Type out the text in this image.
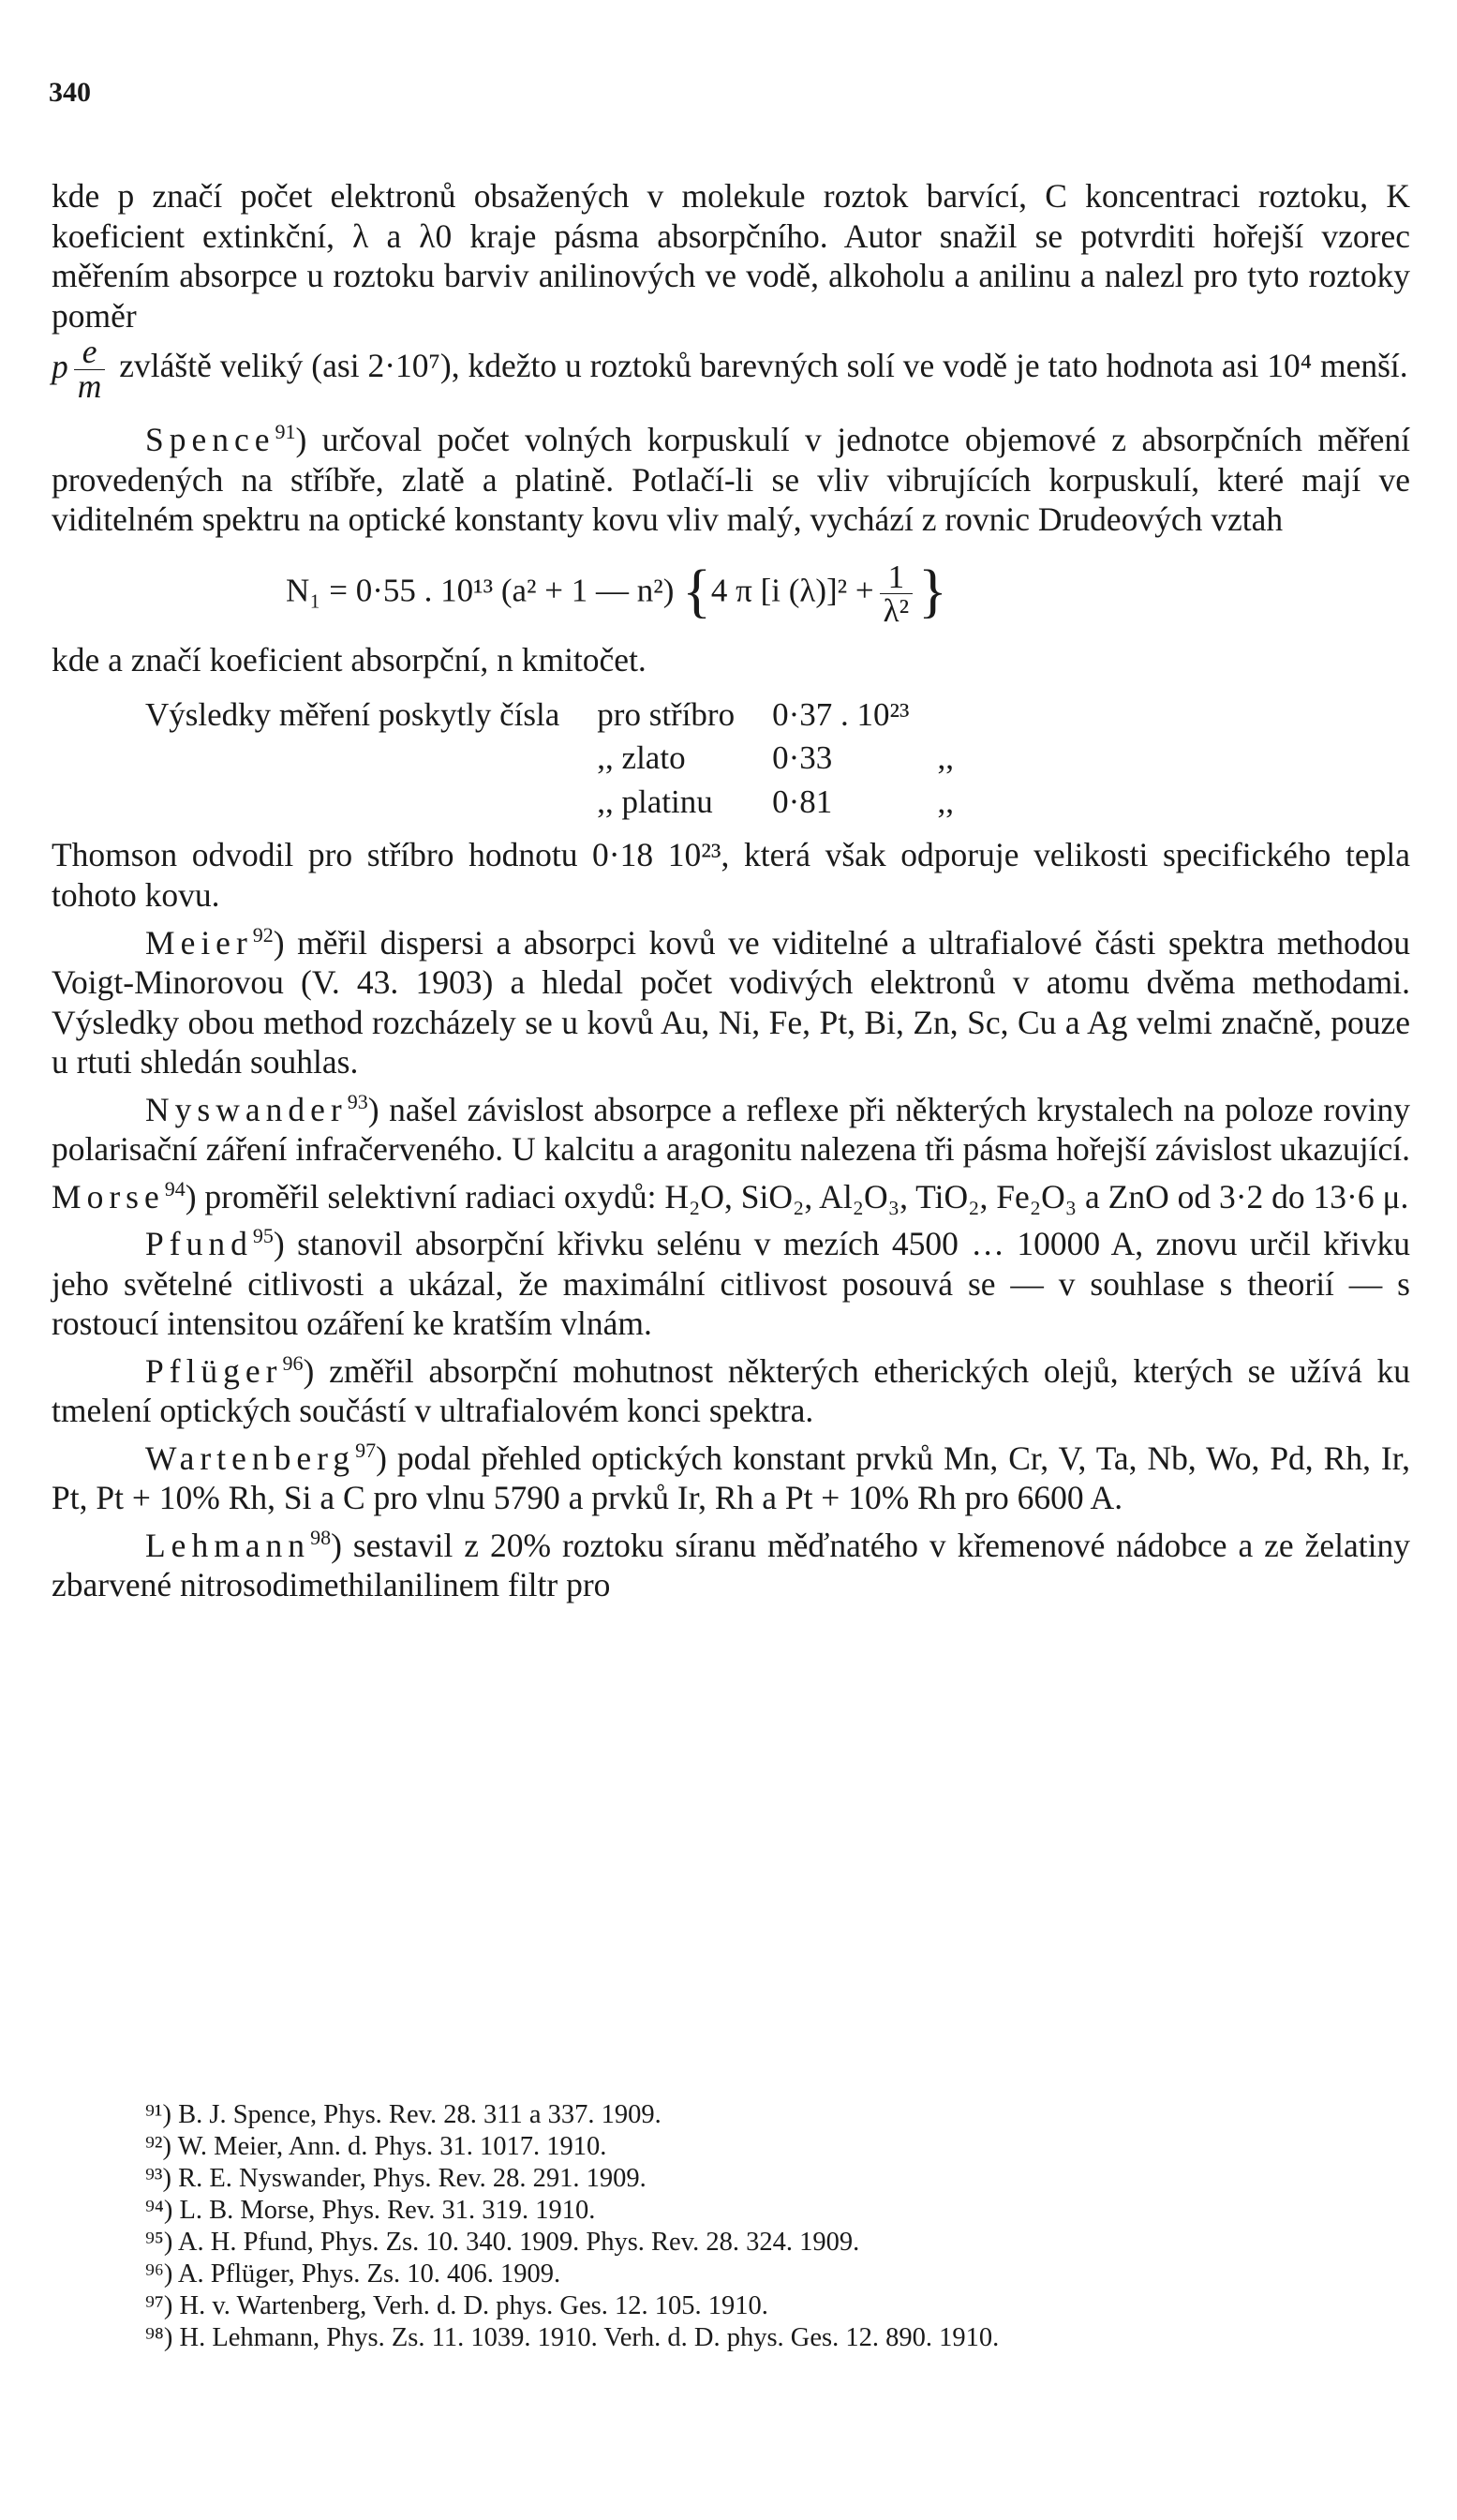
340

kde p značí počet elektronů obsažených v molekule roztok barvící, C koncentraci roztoku, K koeficient extinkční, λ a λ0 kraje pásma absorpčního. Autor snažil se potvrditi hořejší vzorec měřením absorpce u roztoku barviv anilinových ve vodě, alkoholu a anilinu a nalezl pro tyto roztoky poměr

p $\frac{e}{m}$ zvláště veliký (asi 2·10⁷), kdežto u roztoků barevných solí ve vodě je tato hodnota asi 10⁴ menší.

Spence$^{91}$) určoval počet volných korpuskulí v jednotce objemové z absorpčních měření provedených na stříbře, zlatě a platině. Potlačí-li se vliv vibrujících korpuskulí, které mají ve viditelném spektru na optické konstanty kovu vliv malý, vychází z rovnic Drudeových vztah

N₁ = 0·55 . 10¹³ (a² + 1 — n²) {4 π [i $(\lambda)]^2 + \frac{1}{\text{λ²}}$ }

kde a značí koeficient absorpční, n kmitočet.

Výsledky měření poskytly čísla	pro stříbro	0·37 . 10²³	
	,, zlato	0·33	,,
	,, platinu	0·81	,,

Thomson odvodil pro stříbro hodnotu 0·18 10²³, která však odporuje velikosti specifického tepla tohoto kovu.

Meier$^{92}$) měřil dispersi a absorpci kovů ve viditelné a ultrafialové části spektra methodou Voigt-Minorovou (V. 43. 1903) a hledal počet vodivých elektronů v atomu dvěma methodami. Výsledky obou method rozcházely se u kovů Au, Ni, Fe, Pt, Bi, Zn, Sc, Cu a Ag velmi značně, pouze u rtuti shledán souhlas.

Nyswander$^{93}$) našel závislost absorpce a reflexe při některých krystalech na poloze roviny polarisační záření infračerveného. U kalcitu a aragonitu nalezena tři pásma hořejší závislost ukazující. Morse$^{94}$) proměřil selektivní radiaci oxydů: H₂O, SiO₂, Al₂O₃, TiO₂, Fe₂O₃ a ZnO od 3·2 do 13·6 μ.

Pfund$^{95}$) stanovil absorpční křivku selénu v mezích 4500 … 10000 A, znovu určil křivku jeho světelné citlivosti a ukázal, že maximální citlivost posouvá se — v souhlase s theorií — s rostoucí intensitou ozáření ke kratším vlnám.

Pflüger$^{96}$) změřil absorpční mohutnost některých etherických olejů, kterých se užívá ku tmelení optických součástí v ultrafialovém konci spektra.

Wartenberg$^{97}$) podal přehled optických konstant prvků Mn, Cr, V, Ta, Nb, Wo, Pd, Rh, Ir, Pt, Pt + 10% Rh, Si a C pro vlnu 5790 a prvků Ir, Rh a Pt + 10% Rh pro 6600 A.

Lehmann$^{98}$) sestavil z 20% roztoku síranu měďnatého v křemenové nádobce a ze želatiny zbarvené nitrosodimethilanilinem filtr pro

⁹¹) B. J. Spence, Phys. Rev. 28. 311 a 337. 1909.

⁹²) W. Meier, Ann. d. Phys. 31. 1017. 1910.

⁹³) R. E. Nyswander, Phys. Rev. 28. 291. 1909.

⁹⁴) L. B. Morse, Phys. Rev. 31. 319. 1910.

⁹⁵) A. H. Pfund, Phys. Zs. 10. 340. 1909. Phys. Rev. 28. 324. 1909.

⁹⁶) A. Pflüger, Phys. Zs. 10. 406. 1909.

⁹⁷) H. v. Wartenberg, Verh. d. D. phys. Ges. 12. 105. 1910.

⁹⁸) H. Lehmann, Phys. Zs. 11. 1039. 1910. Verh. d. D. phys. Ges. 12. 890. 1910.
